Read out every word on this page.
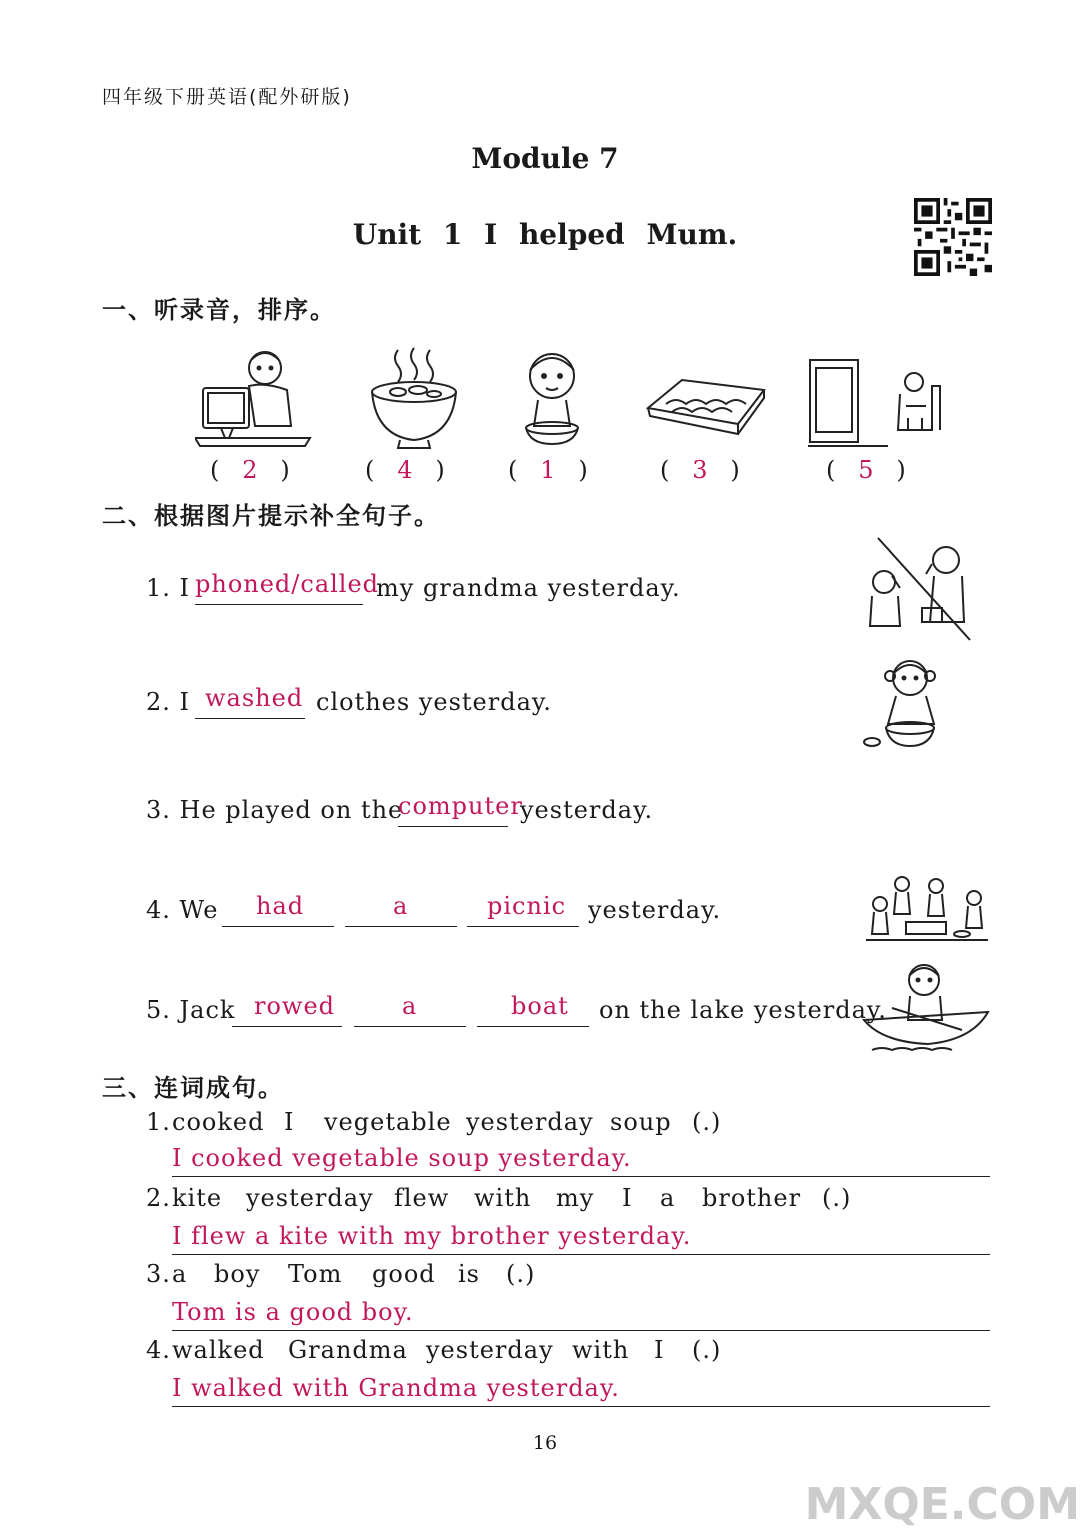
四年级下册英语(配外研版)
Module 7
Unit 1 I helped Mum.
一、听录音，排序。
(   2   )	(   4   )	(   1   )	(   3   )	(   5   )
二、根据图片提示补全句子。
1. I phoned/called
my grandma yesterday.
2. I washed clothes yesterday.
3. He played on the
computer
yesterday.
4. We had	a	picnic yesterday.
5. Jack rowed	a	boat on the lake yesterday.
三、连词成句。
1. cooked I vegetable yesterday soup (.)
I cooked vegetable soup yesterday.
2. kite yesterday flew with my I a brother (.)
I flew a kite with my brother yesterday.
3. a boy Tom good is (.)
Tom is a good boy.
4. walked Grandma yesterday with I (.)
I walked with Grandma yesterday.
16
MXQE.COM
